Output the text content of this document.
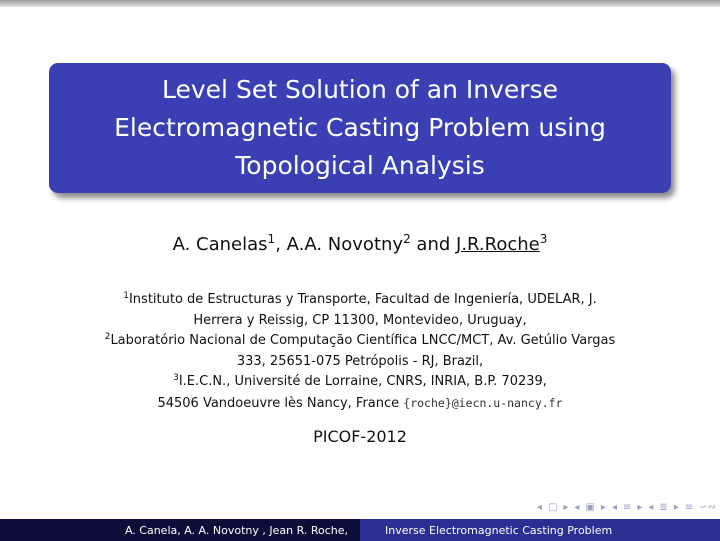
Level Set Solution of an Inverse
Electromagnetic Casting Problem using
Topological Analysis
A. Canelas$^1$, A.A. Novotny$^2$ and J.R.Roche$^3$
$^1$Instituto de Estructuras y Transporte, Facultad de Ingeniería, UDELAR, J.
Herrera y Reissig, CP 11300, Montevideo, Uruguay,
$^2$Laboratório Nacional de Computação Científica LNCC/MCT, Av. Getúlio Vargas
333, 25651-075 Petrópolis - RJ, Brazil,
$^3$I.E.C.N., Université de Lorraine, CNRS, INRIA, B.P. 70239,
54506 Vandoeuvre lès Nancy, France {roche}@iecn.u-nancy.fr
PICOF-2012
◂ □ ▸ ◂ ▣ ▸ ◂ ≡ ▸ ◂ ≣ ▸ ≡ ∽∾
A. Canela, A. A. Novotny , Jean R. Roche,	Inverse Electromagnetic Casting Problem
